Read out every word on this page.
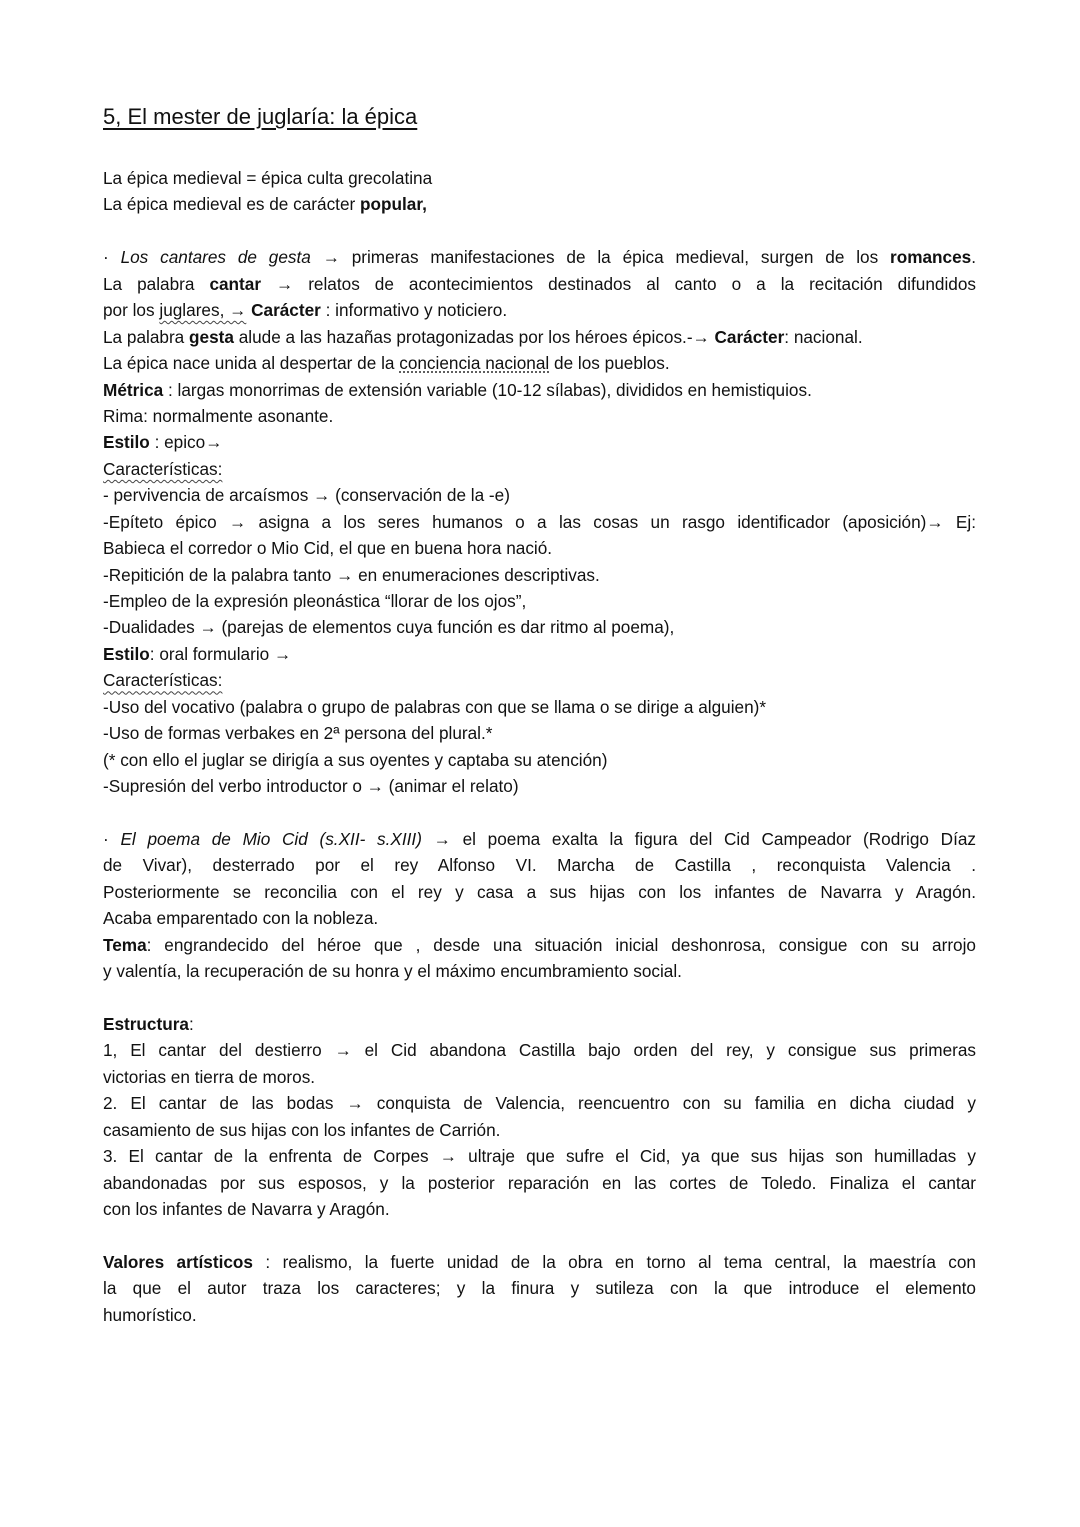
5, El mester de juglaría: la épica
La épica medieval = épica culta grecolatina
La épica medieval es de carácter popular,
· Los cantares de gesta → primeras manifestaciones de la épica medieval, surgen de los romances.
La palabra cantar → relatos de acontecimientos destinados al canto o a la recitación difundidos
por los juglares, → Carácter : informativo y noticiero.
La palabra gesta alude a las hazañas protagonizadas por los héroes épicos.-→ Carácter: nacional.
La épica nace unida al despertar de la conciencia nacional de los pueblos.
Métrica : largas monorrimas de extensión variable (10-12 sílabas), divididos en hemistiquios.
Rima: normalmente asonante.
Estilo : epico→
Características:
- pervivencia de arcaísmos → (conservación de la -e)
-Epíteto épico → asigna a los seres humanos o a las cosas un rasgo identificador (aposición)→ Ej:
Babieca el corredor o Mio Cid, el que en buena hora nació.
-Repitición de la palabra tanto → en enumeraciones descriptivas.
-Empleo de la expresión pleonástica “llorar de los ojos”,
-Dualidades → (parejas de elementos cuya función es dar ritmo al poema),
Estilo: oral formulario →
Características:
-Uso del vocativo (palabra o grupo de palabras con que se llama o se dirige a alguien)*
-Uso de formas verbakes en 2ª persona del plural.*
(* con ello el juglar se dirigía a sus oyentes y captaba su atención)
-Supresión del verbo introductor o → (animar el relato)
· El poema de Mio Cid (s.XII- s.XIII) → el poema exalta la figura del Cid Campeador (Rodrigo Díaz
de Vivar), desterrado por el rey Alfonso VI. Marcha de Castilla , reconquista Valencia .
Posteriormente se reconcilia con el rey y casa a sus hijas con los infantes de Navarra y Aragón.
Acaba emparentado con la nobleza.
Tema: engrandecido del héroe que , desde una situación inicial deshonrosa, consigue con su arrojo
y valentía, la recuperación de su honra y el máximo encumbramiento social.
Estructura:
1, El cantar del destierro → el Cid abandona Castilla bajo orden del rey, y consigue sus primeras
victorias en tierra de moros.
2. El cantar de las bodas → conquista de Valencia, reencuentro con su familia en dicha ciudad y
casamiento de sus hijas con los infantes de Carrión.
3. El cantar de la enfrenta de Corpes → ultraje que sufre el Cid, ya que sus hijas son humilladas y
abandonadas por sus esposos, y la posterior reparación en las cortes de Toledo. Finaliza el cantar
con los infantes de Navarra y Aragón.
Valores artísticos : realismo, la fuerte unidad de la obra en torno al tema central, la maestría con
la que el autor traza los caracteres; y la finura y sutileza con la que introduce el elemento
humorístico.
